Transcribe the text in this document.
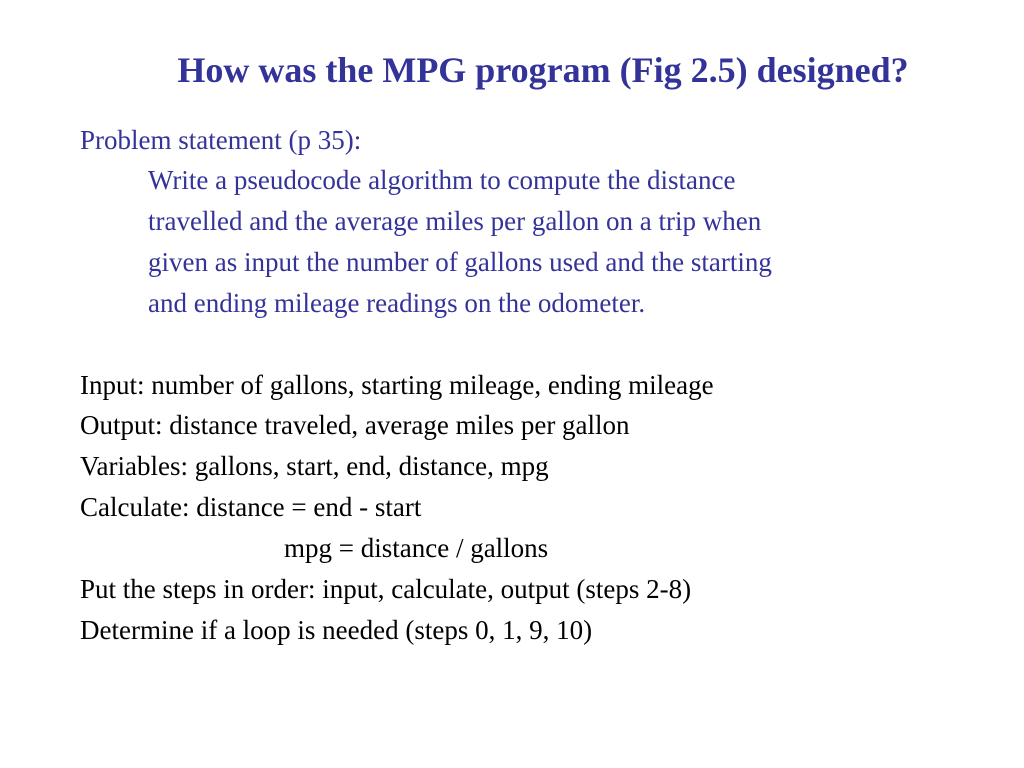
How was the MPG program (Fig 2.5) designed?

Problem statement (p 35):

Write a pseudocode algorithm to compute the distance

travelled and the average miles per gallon on a trip when

given as input the number of gallons used and the starting

and ending mileage readings on the odometer.

Input: number of gallons, starting mileage, ending mileage

Output: distance traveled, average miles per gallon

Variables: gallons, start, end, distance, mpg

Calculate: distance = end - start

mpg = distance / gallons

Put the steps in order: input, calculate, output (steps 2-8)

Determine if a loop is needed (steps 0, 1, 9, 10)
